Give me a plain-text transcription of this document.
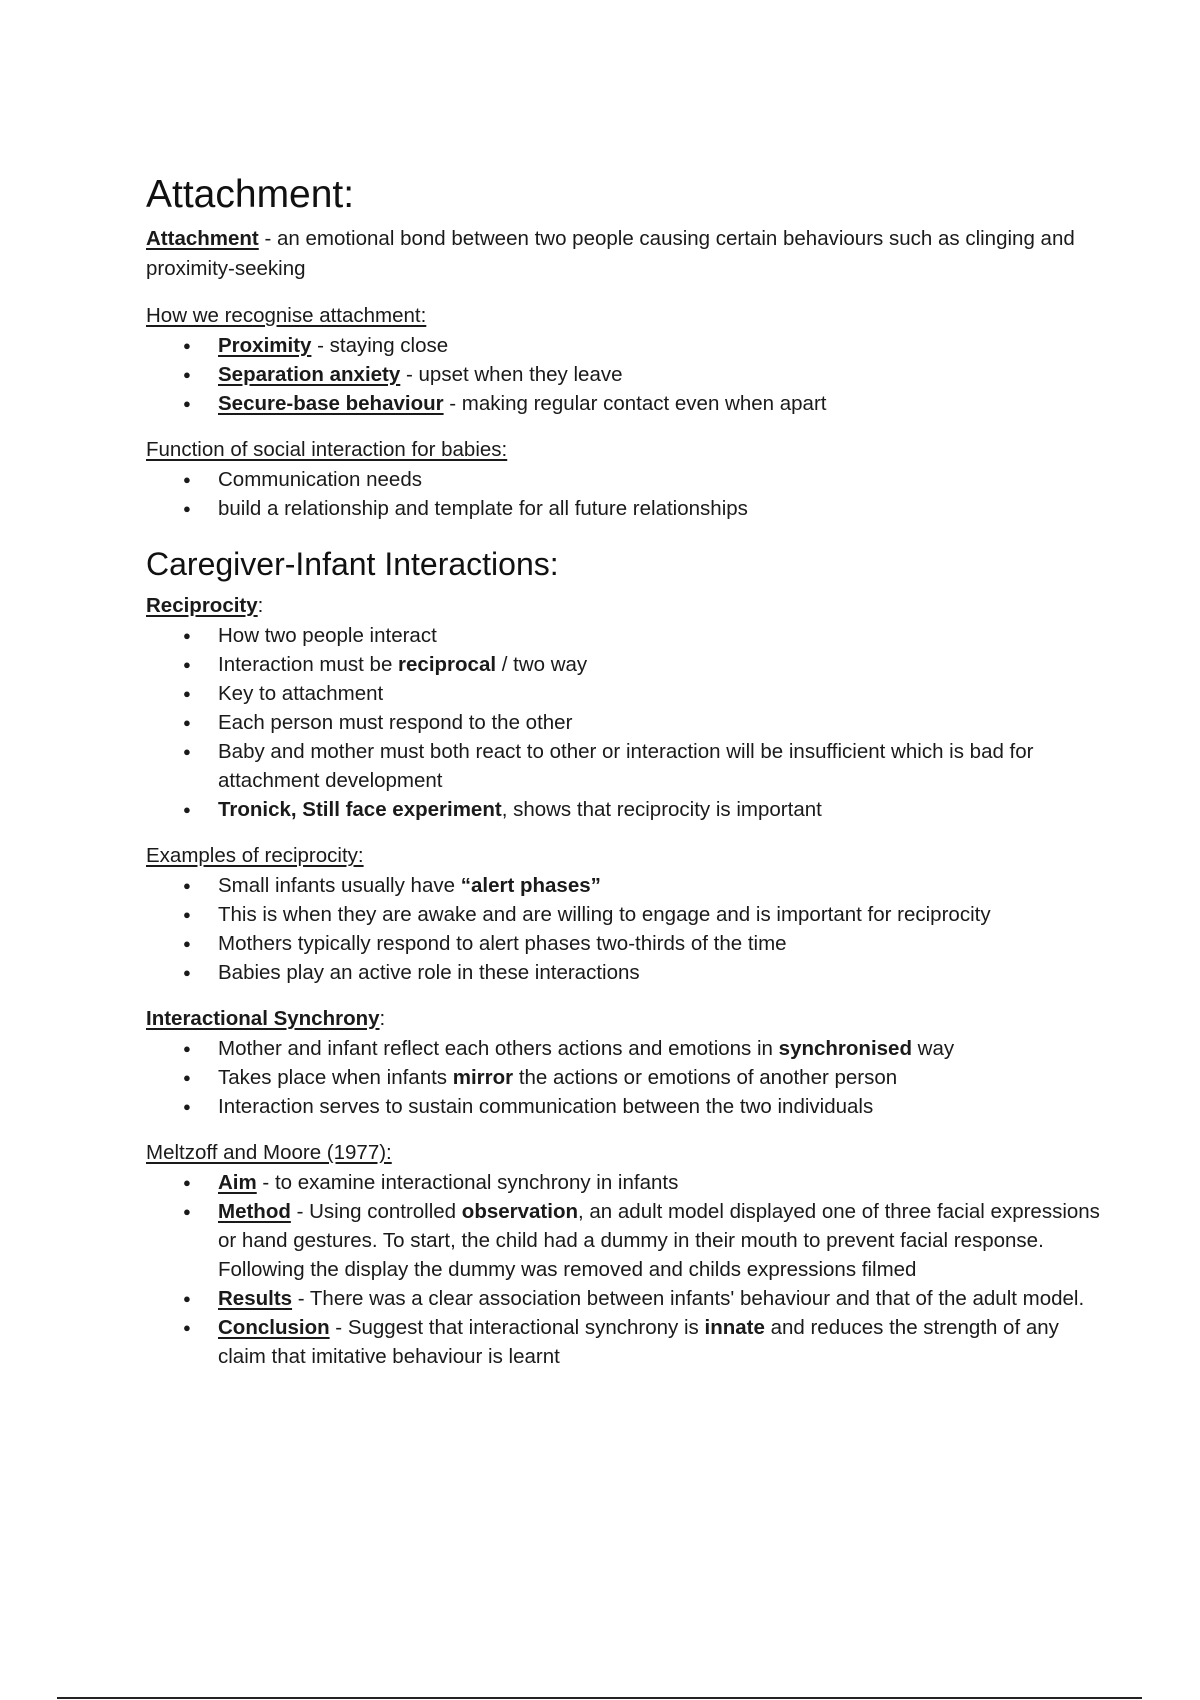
Attachment:

Attachment - an emotional bond between two people causing certain behaviours such as clinging and proximity-seeking

How we recognise attachment:

● Proximity - staying close
● Separation anxiety - upset when they leave
● Secure-base behaviour - making regular contact even when apart

Function of social interaction for babies:

● Communication needs
● build a relationship and template for all future relationships
Caregiver-Infant Interactions:

Reciprocity:

● How two people interact
● Interaction must be reciprocal / two way
● Key to attachment
● Each person must respond to the other
● Baby and mother must both react to other or interaction will be insufficient which is bad for attachment development
● Tronick, Still face experiment, shows that reciprocity is important

Examples of reciprocity:

● Small infants usually have “alert phases”
● This is when they are awake and are willing to engage and is important for reciprocity
● Mothers typically respond to alert phases two-thirds of the time
● Babies play an active role in these interactions

Interactional Synchrony:

● Mother and infant reflect each others actions and emotions in synchronised way
● Takes place when infants mirror the actions or emotions of another person
● Interaction serves to sustain communication between the two individuals

Meltzoff and Moore (1977):

● Aim - to examine interactional synchrony in infants
● Method - Using controlled observation, an adult model displayed one of three facial expressions or hand gestures. To start, the child had a dummy in their mouth to prevent facial response. Following the display the dummy was removed and childs expressions filmed
● Results - There was a clear association between infants' behaviour and that of the adult model.
● Conclusion - Suggest that interactional synchrony is innate and reduces the strength of any claim that imitative behaviour is learnt
